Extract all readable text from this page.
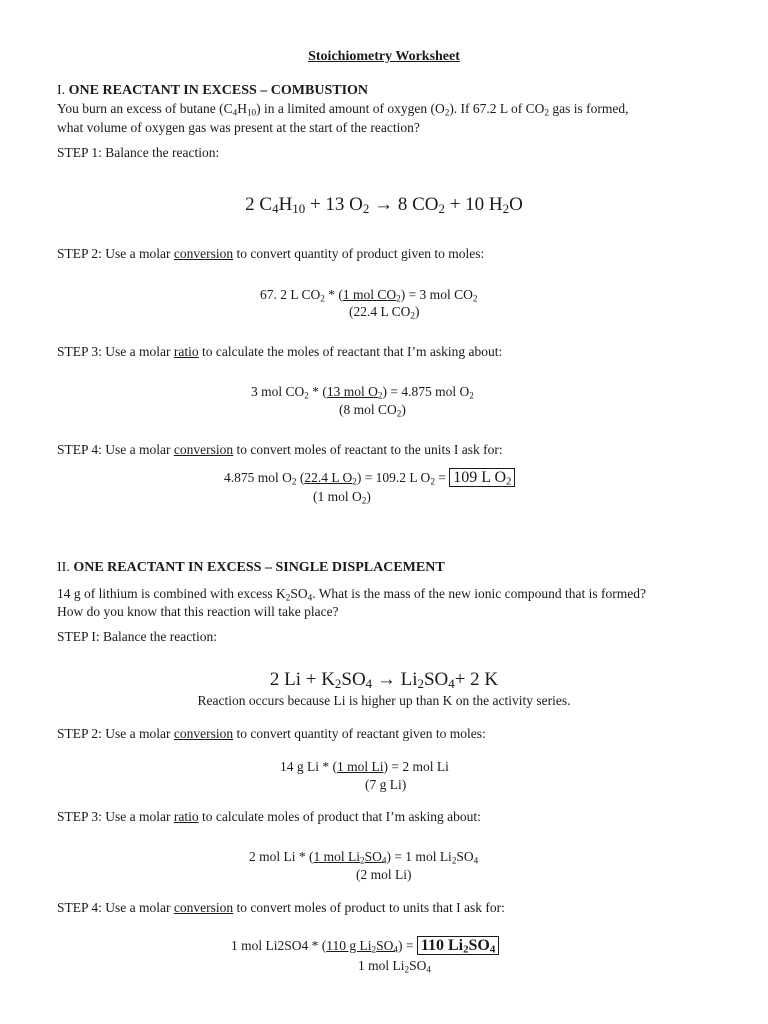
Stoichiometry Worksheet
I. ONE REACTANT IN EXCESS – COMBUSTION
You burn an excess of butane $(C_4H_{10})$ in a limited amount of oxygen $(O_2)$. If 67.2 L of $CO_2$ gas is formed,
what volume of oxygen gas was present at the start of the reaction?
STEP 1: Balance the reaction:
2 $C_4H_{10} + 13$ $O_2 \to 8$ $CO_2 + 10$ $H_2O$
STEP 2: Use a molar conversion to convert quantity of product given to moles:
67. 2 L $CO_2 * (1$ mol $CO_2) = 3$ mol $CO_2$
(22.4 L $CO_2$)
STEP 3: Use a molar ratio to calculate the moles of reactant that I’m asking about:
3 mol $CO_2 * (13$ mol $O_2) = 4.875$ mol $O_2$
(8 mol $CO_2$)
STEP 4: Use a molar conversion to convert moles of reactant to the units I ask for:
4.875 mol $O_2$ (22.4 L $O_2) = 109.2$ L $O_2 = 109$ L $O_2$
(1 mol $O_2$)
II. ONE REACTANT IN EXCESS – SINGLE DISPLACEMENT
14 g of lithium is combined with excess $K_2SO_4$. What is the mass of the new ionic compound that is formed?
How do you know that this reaction will take place?
STEP I: Balance the reaction:
2 $Li + K_2SO_4 \to Li_2SO_4+ 2$ K
Reaction occurs because Li is higher up than K on the activity series.
STEP 2: Use a molar conversion to convert quantity of reactant given to moles:
14 g Li * (1 mol Li) = 2 mol Li
(7 g Li)
STEP 3: Use a molar ratio to calculate moles of product that I’m asking about:
2 mol Li * (1 mol $Li_2SO_4) = 1$ mol $Li_2SO_4$
(2 mol Li)
STEP 4: Use a molar conversion to convert moles of product to units that I ask for:
1 mol Li2SO4 * (110 g $Li_2SO_4) = 110$ $Li_2SO_4$
1 mol $Li_2SO_4$
